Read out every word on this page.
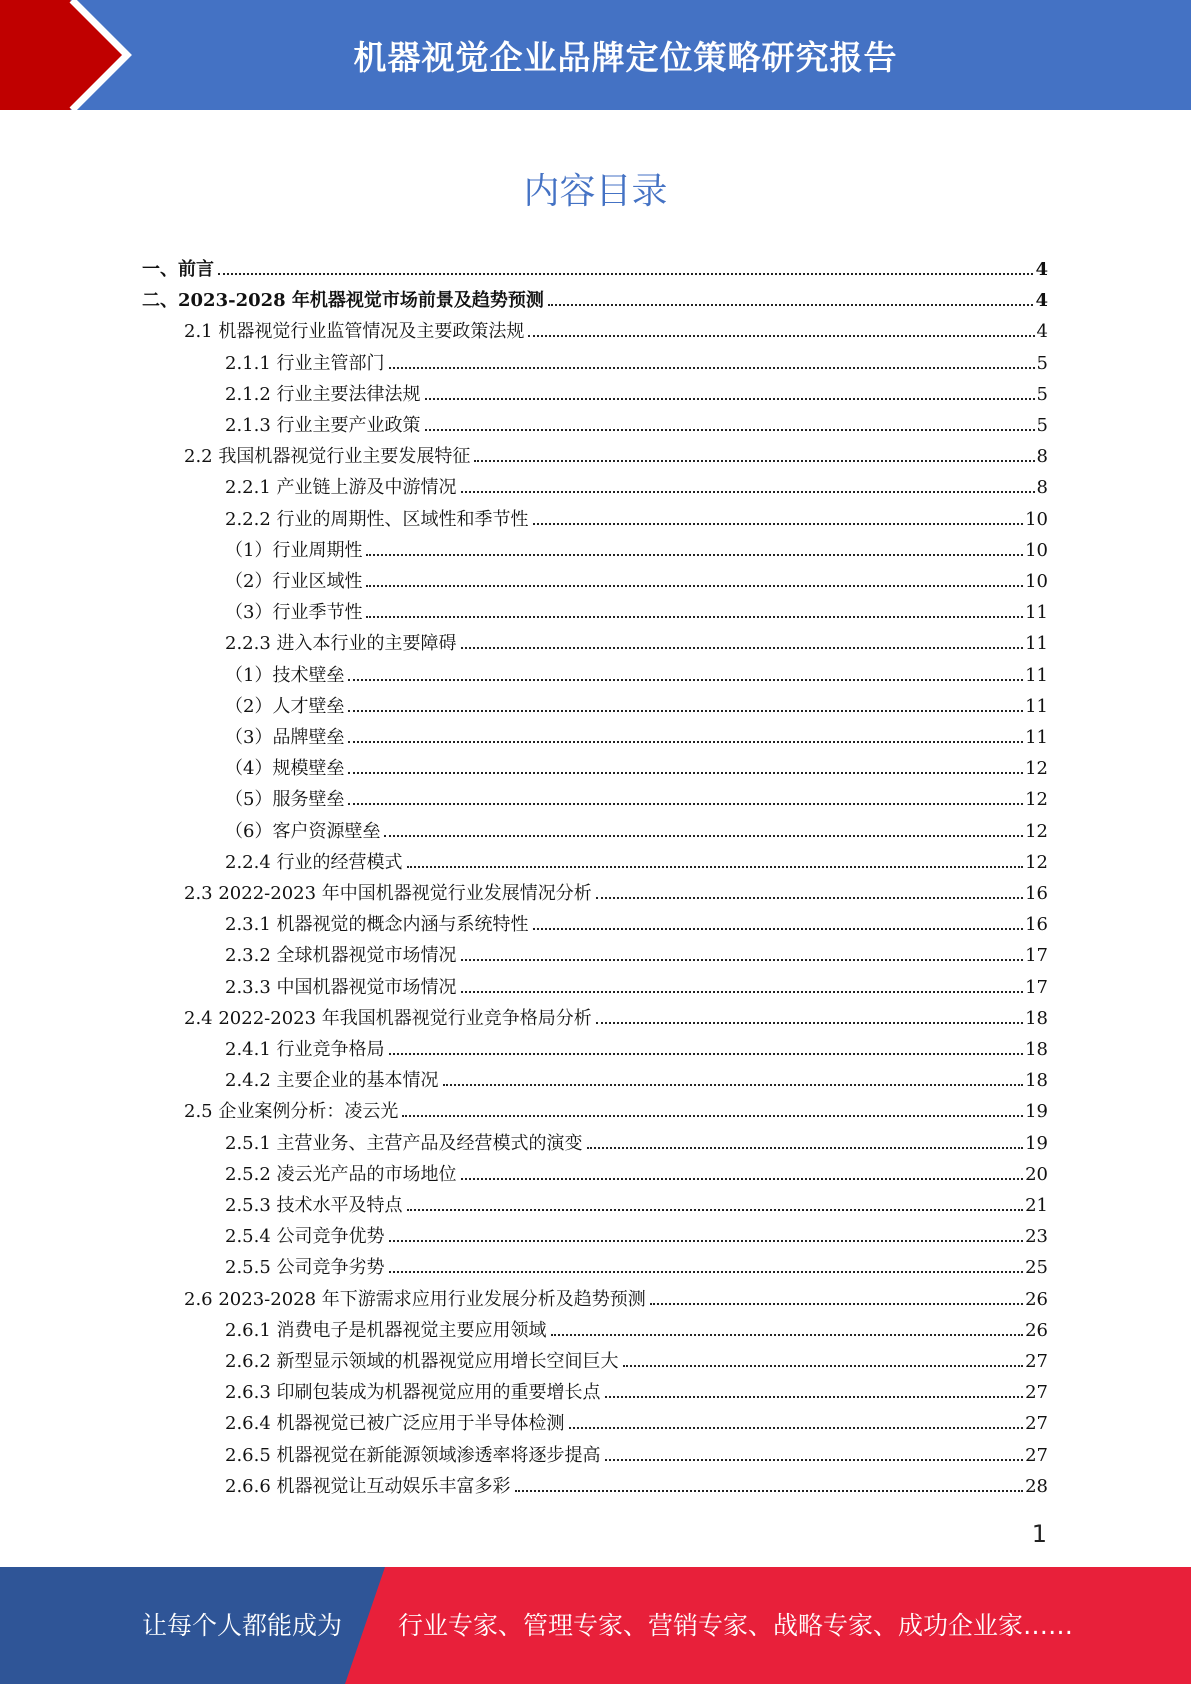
机器视觉企业品牌定位策略研究报告
内容目录
一、前言	4
二、2023-2028 年机器视觉市场前景及趋势预测	4
2.1 机器视觉行业监管情况及主要政策法规	4
2.1.1 行业主管部门	5
2.1.2 行业主要法律法规	5
2.1.3 行业主要产业政策	5
2.2 我国机器视觉行业主要发展特征	8
2.2.1 产业链上游及中游情况	8
2.2.2 行业的周期性、区域性和季节性	10
（1）行业周期性	10
（2）行业区域性	10
（3）行业季节性	11
2.2.3 进入本行业的主要障碍	11
（1）技术壁垒	11
（2）人才壁垒	11
（3）品牌壁垒	11
（4）规模壁垒	12
（5）服务壁垒	12
（6）客户资源壁垒	12
2.2.4 行业的经营模式	12
2.3 2022-2023 年中国机器视觉行业发展情况分析	16
2.3.1 机器视觉的概念内涵与系统特性	16
2.3.2 全球机器视觉市场情况	17
2.3.3 中国机器视觉市场情况	17
2.4 2022-2023 年我国机器视觉行业竞争格局分析	18
2.4.1 行业竞争格局	18
2.4.2 主要企业的基本情况	18
2.5 企业案例分析：凌云光	19
2.5.1 主营业务、主营产品及经营模式的演变	19
2.5.2 凌云光产品的市场地位	20
2.5.3 技术水平及特点	21
2.5.4 公司竞争优势	23
2.5.5 公司竞争劣势	25
2.6 2023-2028 年下游需求应用行业发展分析及趋势预测	26
2.6.1 消费电子是机器视觉主要应用领域	26
2.6.2 新型显示领域的机器视觉应用增长空间巨大	27
2.6.3 印刷包装成为机器视觉应用的重要增长点	27
2.6.4 机器视觉已被广泛应用于半导体检测	27
2.6.5 机器视觉在新能源领域渗透率将逐步提高	27
2.6.6 机器视觉让互动娱乐丰富多彩	28
1
让每个人都能成为 行业专家、管理专家、营销专家、战略专家、成功企业家……
